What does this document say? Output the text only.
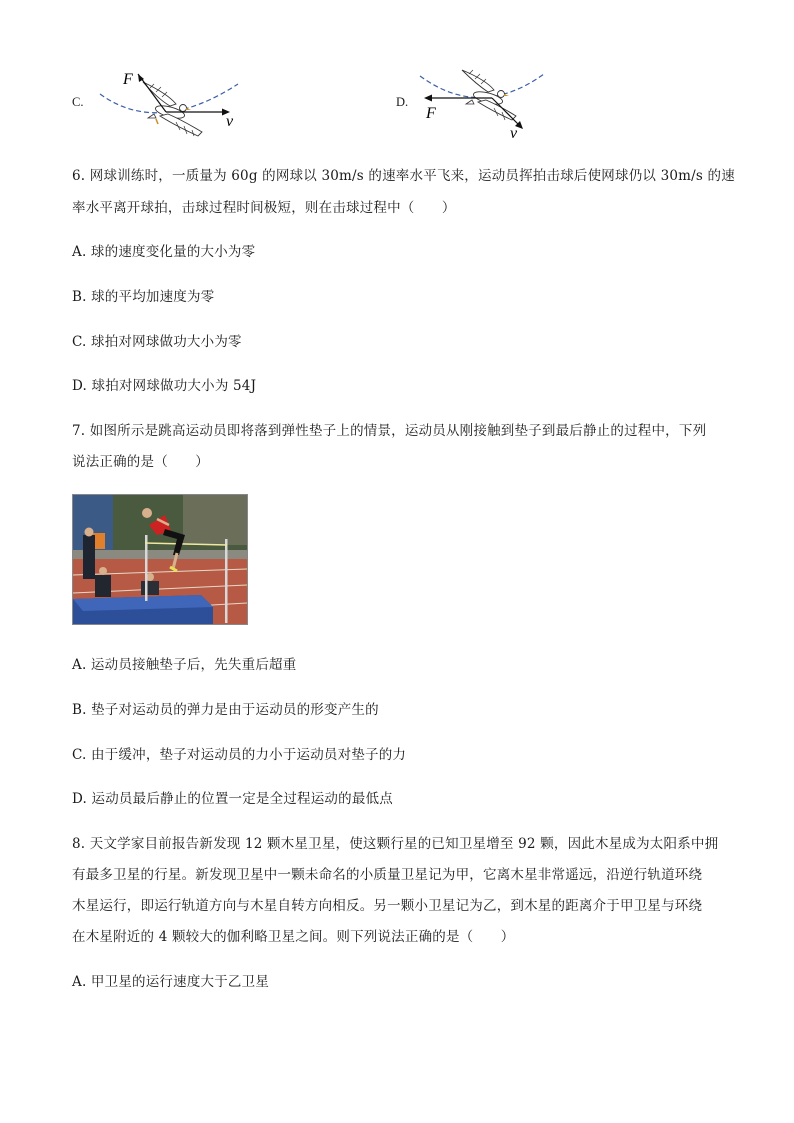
C.
F
v
D.
F
v
6. 网球训练时，一质量为 60g 的网球以 30m/s 的速率水平飞来，运动员挥拍击球后使网球仍以 30m/s 的速
率水平离开球拍，击球过程时间极短，则在击球过程中（　　）
A. 球的速度变化量的大小为零
B. 球的平均加速度为零
C. 球拍对网球做功大小为零
D. 球拍对网球做功大小为 54J
7. 如图所示是跳高运动员即将落到弹性垫子上的情景，运动员从刚接触到垫子到最后静止的过程中，下列
说法正确的是（　　）
A. 运动员接触垫子后，先失重后超重
B. 垫子对运动员的弹力是由于运动员的形变产生的
C. 由于缓冲，垫子对运动员的力小于运动员对垫子的力
D. 运动员最后静止的位置一定是全过程运动的最低点
8. 天文学家目前报告新发现 12 颗木星卫星，使这颗行星的已知卫星增至 92 颗，因此木星成为太阳系中拥
有最多卫星的行星。新发现卫星中一颗未命名的小质量卫星记为甲，它离木星非常遥远，沿逆行轨道环绕
木星运行，即运行轨道方向与木星自转方向相反。另一颗小卫星记为乙，到木星的距离介于甲卫星与环绕
在木星附近的 4 颗较大的伽利略卫星之间。则下列说法正确的是（　　）
A. 甲卫星的运行速度大于乙卫星
